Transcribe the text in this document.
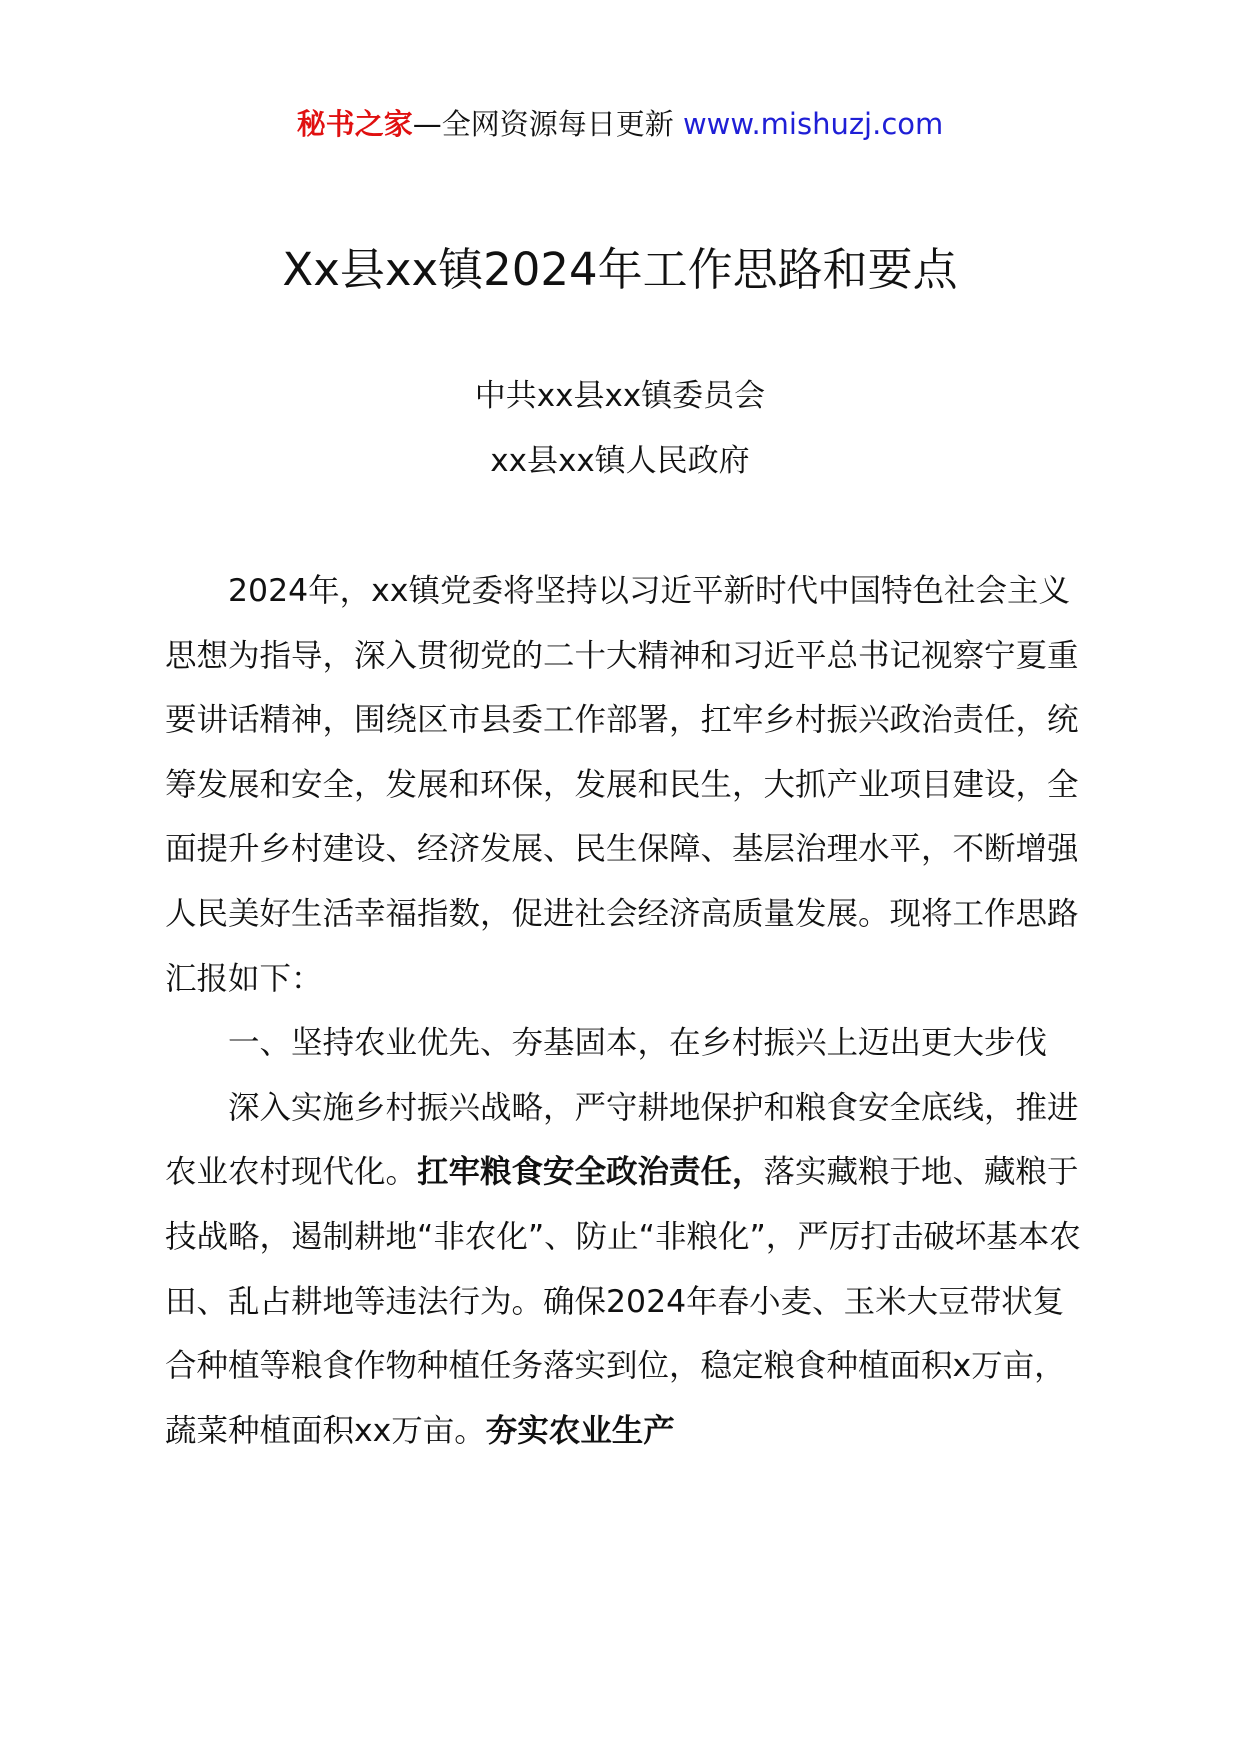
秘书之家—全网资源每日更新 www.mishuzj.com
Xx县xx镇2024年工作思路和要点
中共xx县xx镇委员会
xx县xx镇人民政府

2024年，xx镇党委将坚持以习近平新时代中国特色社会主义思想为指导，深入贯彻党的二十大精神和习近平总书记视察宁夏重要讲话精神，围绕区市县委工作部署，扛牢乡村振兴政治责任，统筹发展和安全，发展和环保，发展和民生，大抓产业项目建设，全面提升乡村建设、经济发展、民生保障、基层治理水平，不断增强人民美好生活幸福指数，促进社会经济高质量发展。现将工作思路汇报如下：

一、坚持农业优先、夯基固本，在乡村振兴上迈出更大步伐

深入实施乡村振兴战略，严守耕地保护和粮食安全底线，推进农业农村现代化。扛牢粮食安全政治责任，落实藏粮于地、藏粮于技战略，遏制耕地“非农化”、防止“非粮化”，严厉打击破坏基本农田、乱占耕地等违法行为。确保2024年春小麦、玉米大豆带状复合种植等粮食作物种植任务落实到位，稳定粮食种植面积x万亩，蔬菜种植面积xx万亩。夯实农业生产
